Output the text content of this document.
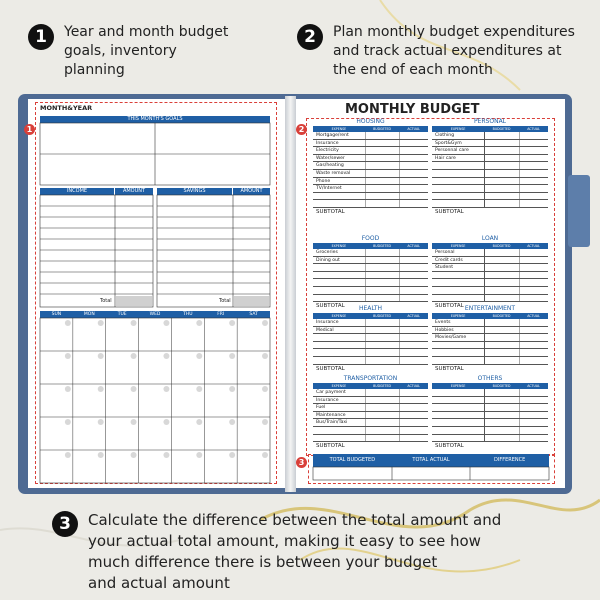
1	Year and month budget
goals, inventory
planning
2	Plan monthly budget expenditures
and track actual expenditures at
the end of each month
3	Calculate the difference between the total amount and
your actual total amount, making it easy to see how
much difference there is between your budget
and actual amount
1
MONTH&YEAR
THIS MONTH'S GOALS
INCOME	AMOUNT	SAVINGS	AMOUNT
Total	Total
SUN	MON	TUE	WED	THU	FRI	SAT
MONTHLY BUDGET
2
3
HOUSING
EXPENSE	BUDGETED	ACTUAL
Mortgage/rent
Insurance
Electricity
Water/sewer
Gas/heating
Waste removal
Phone
TV/Internet
SUBTOTAL
PERSONAL
EXPENSE	BUDGETED	ACTUAL
Clothing
Sport&Gym
Personnal care
Hair care
SUBTOTAL
FOOD
EXPENSE	BUDGETED	ACTUAL
Groceries
Dining out
SUBTOTAL
LOAN
EXPENSE	BUDGETED	ACTUAL
Personal
Credit cards
Student
SUBTOTAL
HEALTH
EXPENSE	BUDGETED	ACTUAL
Insurance
Medical
SUBTOTAL
ENTERTAINMENT
EXPENSE	BUDGETED	ACTUAL
Events
Hobbies
Movies/Game
SUBTOTAL
TRANSPORTATION
EXPENSE	BUDGETED	ACTUAL
Car payment
Insurance
Fuel
Maintenance
Bus/Train/Taxi
SUBTOTAL
OTHERS
EXPENSE	BUDGETED	ACTUAL
SUBTOTAL
TOTAL BUDGETED	TOTAL ACTUAL	DIFFERENCE
